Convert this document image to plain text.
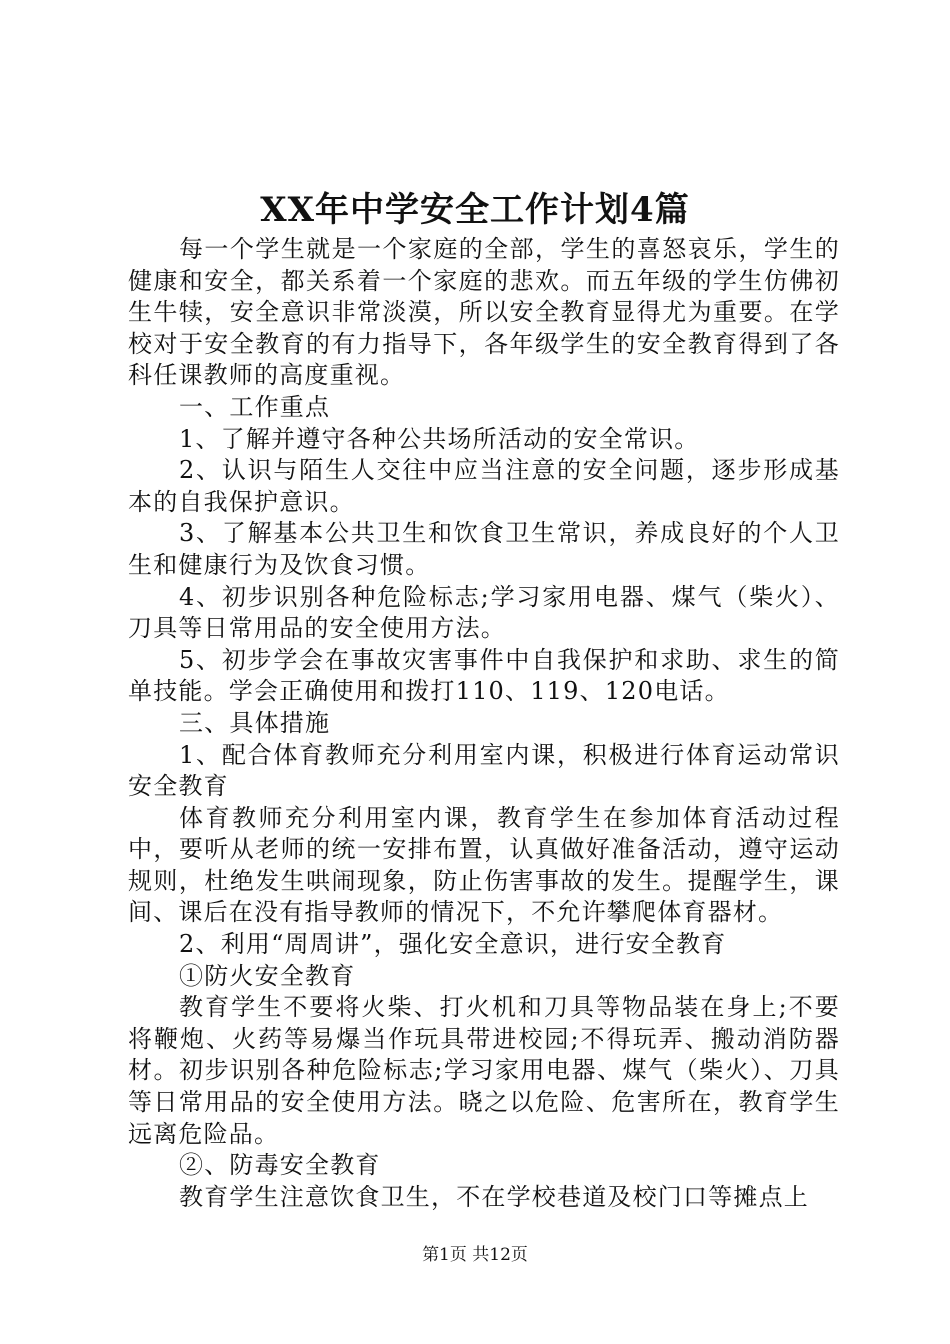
XX年中学安全工作计划4篇

每一个学生就是一个家庭的全部，学生的喜怒哀乐，学生的健康和安全，都关系着一个家庭的悲欢。而五年级的学生仿佛初生牛犊，安全意识非常淡漠，所以安全教育显得尤为重要。在学校对于安全教育的有力指导下，各年级学生的安全教育得到了各科任课教师的高度重视。

一、工作重点

1、了解并遵守各种公共场所活动的安全常识。

2、认识与陌生人交往中应当注意的安全问题，逐步形成基本的自我保护意识。

3、了解基本公共卫生和饮食卫生常识，养成良好的个人卫生和健康行为及饮食习惯。

4、初步识别各种危险标志;学习家用电器、煤气（柴火）、刀具等日常用品的安全使用方法。

5、初步学会在事故灾害事件中自我保护和求助、求生的简单技能。学会正确使用和拨打110、119、120电话。

三、具体措施

1、配合体育教师充分利用室内课，积极进行体育运动常识安全教育

体育教师充分利用室内课，教育学生在参加体育活动过程中，要听从老师的统一安排布置，认真做好准备活动，遵守运动规则，杜绝发生哄闹现象，防止伤害事故的发生。提醒学生，课间、课后在没有指导教师的情况下，不允许攀爬体育器材。

2、利用“周周讲”，强化安全意识，进行安全教育

①防火安全教育

教育学生不要将火柴、打火机和刀具等物品装在身上;不要将鞭炮、火药等易爆当作玩具带进校园;不得玩弄、搬动消防器材。初步识别各种危险标志;学习家用电器、煤气（柴火）、刀具等日常用品的安全使用方法。晓之以危险、危害所在，教育学生远离危险品。

②、防毒安全教育

教育学生注意饮食卫生，不在学校巷道及校门口等摊点上

第1页 共12页
